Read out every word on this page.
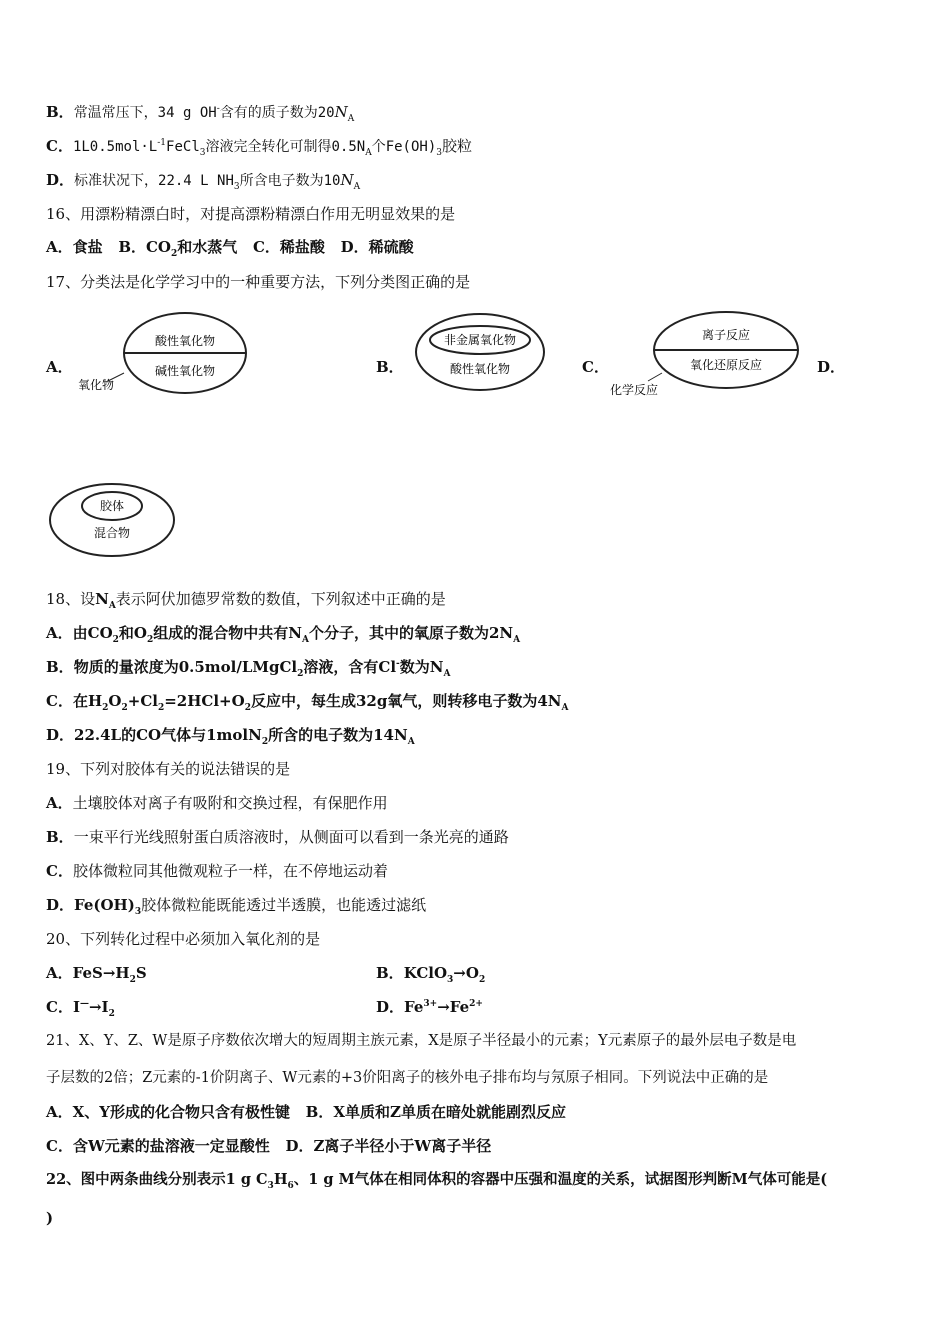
B．常温常压下，34 g OH-含有的质子数为$20N_A$
C．$1L0.5mol\cdot L^{-1}FeCl_3$溶液完全转化可制得$0.5N_A$个$Fe(OH)_3$胶粒
D．标准状况下，22.4 L $NH_3$所含电子数为$10N_A$
16、用漂粉精漂白时，对提高漂粉精漂白作用无明显效果的是
A．食盐 B．$CO_2$和水蒸气 C．稀盐酸 D．稀硫酸
17、分类法是化学学习中的一种重要方法，下列分类图正确的是
A．
酸性氧化物
碱性氧化物
氧化物
B．
非金属氧化物
酸性氧化物	C．
离子反应
氧化还原反应
化学反应
D．
胶体
混合物
18、设$N_A$表示阿伏加德罗常数的数值，下列叙述中正确的是
A．由$CO_2$和$O_2$组成的混合物中共有$N_A$个分子，其中的氧原子数为$2N_A$
B．物质的量浓度为0.5mol/LMgCl$_2$溶液，含有Cl-数为$N_A$
C．在$H_2O_2+Cl_2=2HCl+O_2$反应中，每生成32g氧气，则转移电子数为$4N_A$
D．22.4L的CO气体与1molN$_2$所含的电子数为$14N_A$
19、下列对胶体有关的说法错误的是
A．土壤胶体对离子有吸附和交换过程，有保肥作用
B．一束平行光线照射蛋白质溶液时，从侧面可以看到一条光亮的通路
C．胶体微粒同其他微观粒子一样，在不停地运动着
D．$Fe(OH)_3$胶体微粒能既能透过半透膜，也能透过滤纸
20、下列转化过程中必须加入氧化剂的是
A．$FeS\to H_2S$	B．$KClO_3\to O_2$
C．$I^—\to I_2$	D．$Fe^{3+}\to Fe^{2+}$
21、X、Y、Z、W是原子序数依次增大的短周期主族元素，X是原子半径最小的元素；Y元素原子的最外层电子数是电
子层数的2倍；Z元素的-1价阴离子、W元素的+3价阳离子的核外电子排布均与氖原子相同。下列说法中正确的是
A．X、Y形成的化合物只含有极性键 B．X单质和Z单质在暗处就能剧烈反应
C．含W元素的盐溶液一定显酸性 D．Z离子半径小于W离子半径
22、图中两条曲线分别表示1 g $C_3H_6$、1 g M气体在相同体积的容器中压强和温度的关系，试据图形判断M气体可能是(
)
